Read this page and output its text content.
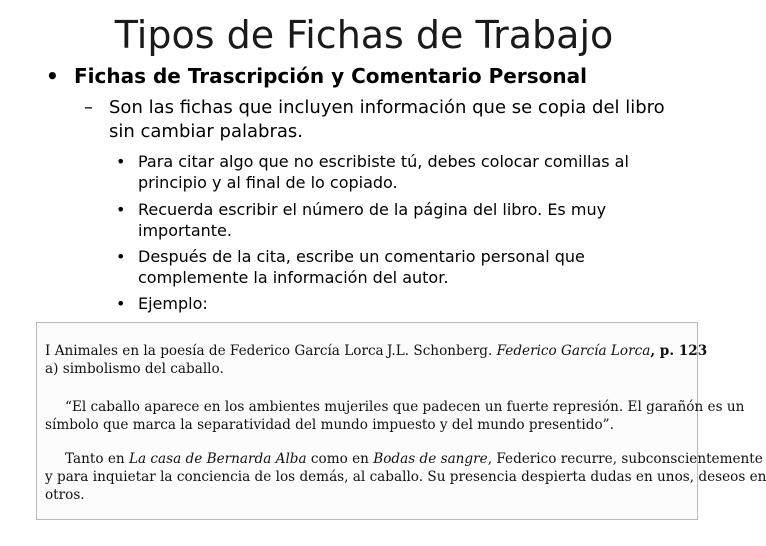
Tipos de Fichas de Trabajo
• Fichas de Trascripción y Comentario Personal
– Son las fichas que incluyen información que se copia del libro sin cambiar palabras.
• Para citar algo que no escribiste tú, debes colocar comillas al principio y al final de lo copiado.
• Recuerda escribir el número de la página del libro. Es muy importante.
• Después de la cita, escribe un comentario personal que complemente la información del autor.
• Ejemplo:
I Animales en la poesía de Federico García Lorca J.L. Schonberg. Federico García Lorca, p. 123
a) simbolismo del caballo.
“El caballo aparece en los ambientes mujeriles que padecen un fuerte represión. El garañón es un
símbolo que marca la separatividad del mundo impuesto y del mundo presentido”.
Tanto en La casa de Bernarda Alba como en Bodas de sangre, Federico recurre, subconscientemente
y para inquietar la conciencia de los demás, al caballo. Su presencia despierta dudas en unos, deseos en
otros.
